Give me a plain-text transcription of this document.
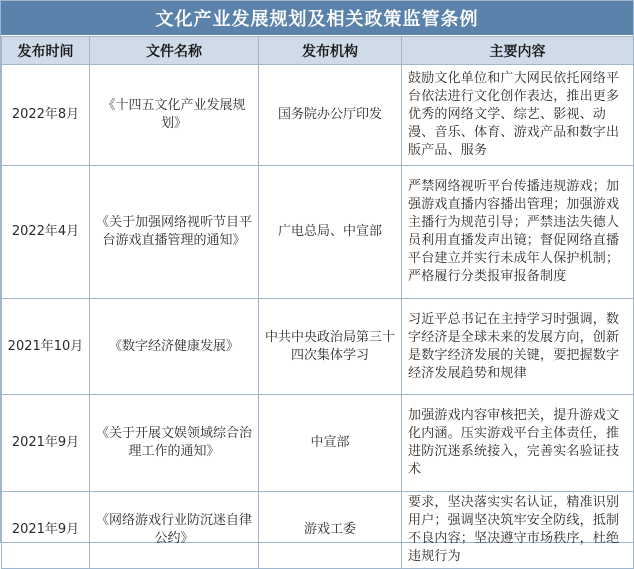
文化产业发展规划及相关政策监管条例
发布时间	文件名称	发布机构	主要内容
2022年8月	《十四五文化产业发展规划》	国务院办公厅印发	鼓励文化单位和广大网民依托网络平台依法进行文化创作表达，推出更多优秀的网络文学、综艺、影视、动漫、音乐、体育、游戏产品和数字出版产品、服务

2022年4月	《关于加强网络视听节目平台游戏直播管理的通知》	广电总局、中宣部	严禁网络视听平台传播违规游戏；加强游戏直播内容播出管理；加强游戏主播行为规范引导；严禁违法失德人员利用直播发声出镜；督促网络直播平台建立并实行未成年人保护机制；严格履行分类报审报备制度

2021年10月	《数字经济健康发展》	中共中央政治局第三十四次集体学习	习近平总书记在主持学习时强调，数字经济是全球未来的发展方向，创新是数字经济发展的关键，要把握数字经济发展趋势和规律

2021年9月	《关于开展文娱领域综合治理工作的通知》	中宣部	加强游戏内容审核把关，提升游戏文化内涵。压实游戏平台主体责任，推进防沉迷系统接入，完善实名验证技术

2021年9月	《网络游戏行业防沉迷自律公约》	游戏工委	要求，坚决落实实名认证，精准识别用户；强调坚决筑牢安全防线，抵制不良内容；坚决遵守市场秩序，杜绝违规行为
